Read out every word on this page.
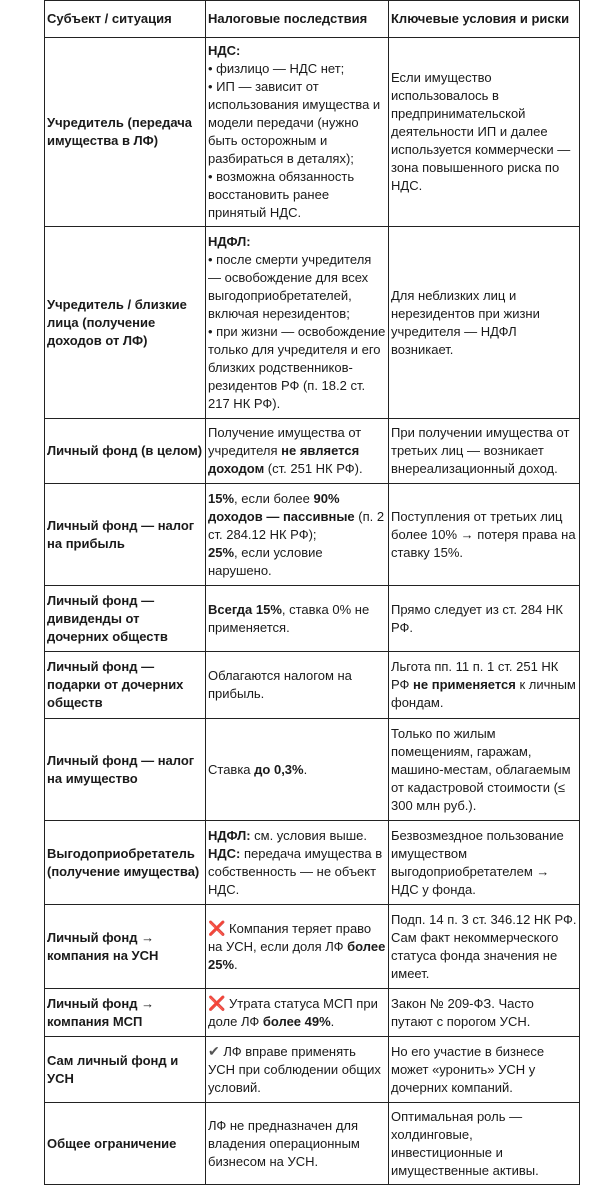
Субъект / ситуация	Налоговые последствия	Ключевые условия и риски
Учредитель (передача имущества в ЛФ)	НДС:
• физлицо — НДС нет;
• ИП — зависит от использования имущества и модели передачи (нужно быть осторожным и разбираться в деталях);
• возможна обязанность восстановить ранее принятый НДС.	Если имущество использовалось в предпринимательской деятельности ИП и далее используется коммерчески — зона повышенного риска по НДС.
Учредитель / близкие лица (получение доходов от ЛФ)	НДФЛ:
• после смерти учредителя — освобождение для всех выгодоприобретателей, включая нерезидентов;
• при жизни — освобождение только для учредителя и его близких родственников-резидентов РФ (п. 18.2 ст. 217 НК РФ).	Для неблизких лиц и нерезидентов при жизни учредителя — НДФЛ возникает.
Личный фонд (в целом)	Получение имущества от учредителя не является доходом (ст. 251 НК РФ).	При получении имущества от третьих лиц — возникает внереализационный доход.
Личный фонд — налог на прибыль	15%, если более 90% доходов — пассивные (п. 2 ст. 284.12 НК РФ);
25%, если условие нарушено.	Поступления от третьих лиц более 10% → потеря права на ставку 15%.
Личный фонд — дивиденды от дочерних обществ	Всегда 15%, ставка 0% не применяется.	Прямо следует из ст. 284 НК РФ.
Личный фонд — подарки от дочерних обществ	Облагаются налогом на прибыль.	Льгота пп. 11 п. 1 ст. 251 НК РФ не применяется к личным фондам.
Личный фонд — налог на имущество	Ставка до 0,3%.	Только по жилым помещениям, гаражам, машино-местам, облагаемым от кадастровой стоимости (≤ 300 млн руб.).
Выгодоприобретатель (получение имущества)	НДФЛ: см. условия выше.
НДС: передача имущества в собственность — не объект НДС.	Безвозмездное пользование имуществом выгодоприобретателем → НДС у фонда.
Личный фонд → компания на УСН	❌ Компания теряет право на УСН, если доля ЛФ более 25%.	Подп. 14 п. 3 ст. 346.12 НК РФ. Сам факт некоммерческого статуса фонда значения не имеет.
Личный фонд → компания МСП	❌ Утрата статуса МСП при доле ЛФ более 49%.	Закон № 209-ФЗ. Часто путают с порогом УСН.
Сам личный фонд и УСН	✔ ЛФ вправе применять УСН при соблюдении общих условий.	Но его участие в бизнесе может «уронить» УСН у дочерних компаний.
Общее ограничение	ЛФ не предназначен для владения операционным бизнесом на УСН.	Оптимальная роль — холдинговые, инвестиционные и имущественные активы.
